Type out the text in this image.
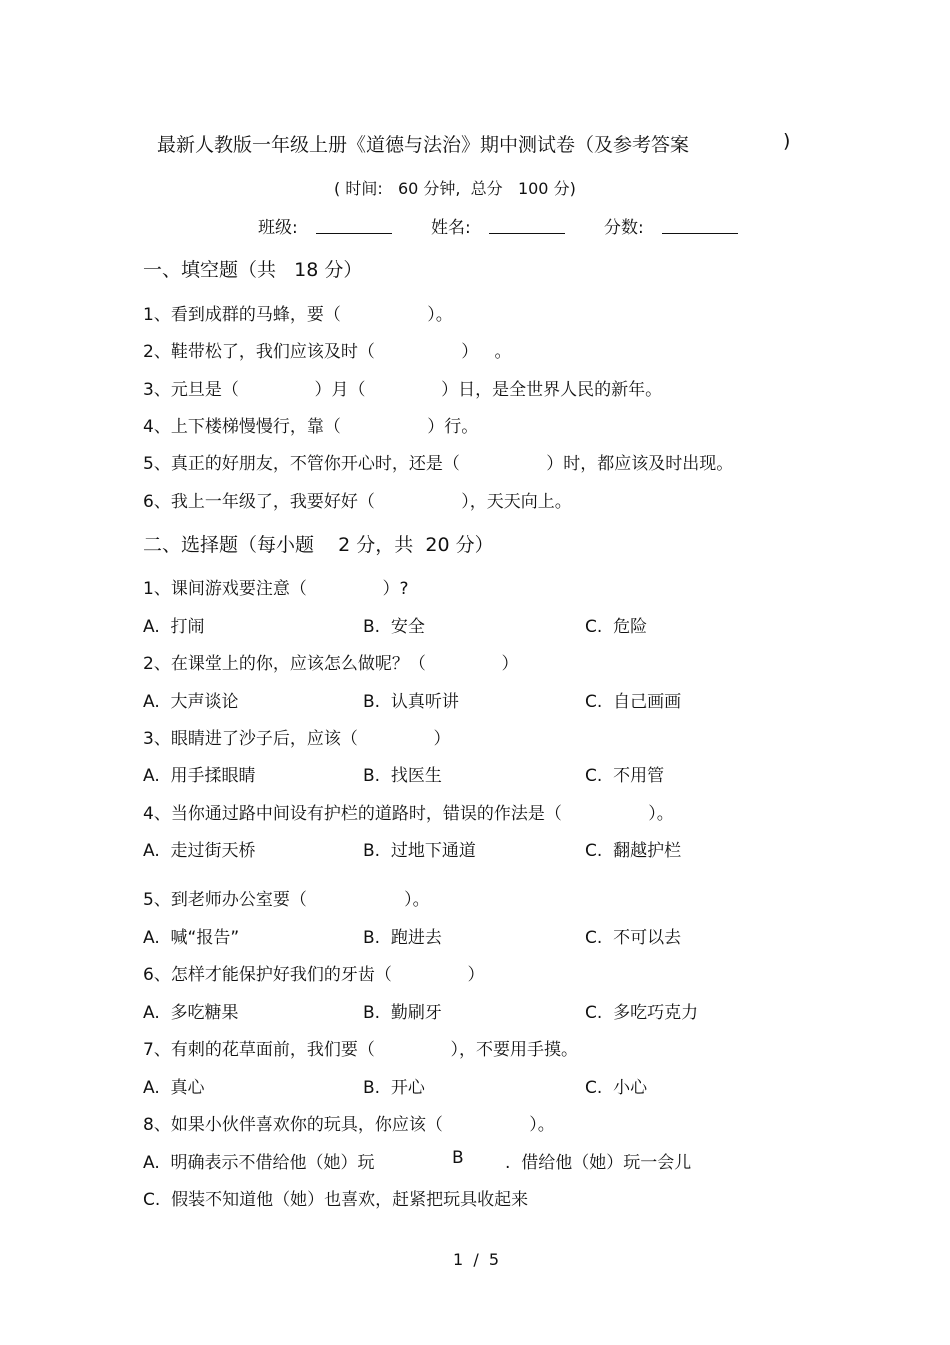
最新人教版一年级上册《道德与法治》期中测试卷（及参考答案	)
( 时间:   60 分钟,  总分   100 分)
班级:	姓名:	分数:
一、填空题（共   18 分）
1、看到成群的马蜂，要（                ）。
2、鞋带松了，我们应该及时（                ）   。
3、元旦是（              ）月（              ）日，是全世界人民的新年。
4、上下楼梯慢慢行，靠（                ）行。
5、真正的好朋友，不管你开心时，还是（                ）时，都应该及时出现。
6、我上一年级了，我要好好（                ），天天向上。
二、选择题（每小题    2 分，共  20 分）
1、课间游戏要注意（              ）?
A.  打闹	B.  安全	C.  危险
2、在课堂上的你，应该怎么做呢？（              ）
A.  大声谈论	B.  认真听讲	C.  自己画画
3、眼睛进了沙子后，应该（              ）
A.  用手揉眼睛	B.  找医生	C.  不用管
4、当你通过路中间设有护栏的道路时，错误的作法是（                ）。
A.  走过街天桥	B.  过地下通道	C.  翻越护栏
5、到老师办公室要（                  ）。
A.  喊“报告”	B.  跑进去	C.  不可以去
6、怎样才能保护好我们的牙齿（              ）
A.  多吃糖果	B.  勤刷牙	C.  多吃巧克力
7、有刺的花草面前，我们要（              ），不要用手摸。
A.  真心	B.  开心	C.  小心
8、如果小伙伴喜欢你的玩具，你应该（                ）。
A.  明确表示不借给他（她）玩	B .  借给他（她）玩一会儿
C.  假装不知道他（她）也喜欢，赶紧把玩具收起来
1  /  5
